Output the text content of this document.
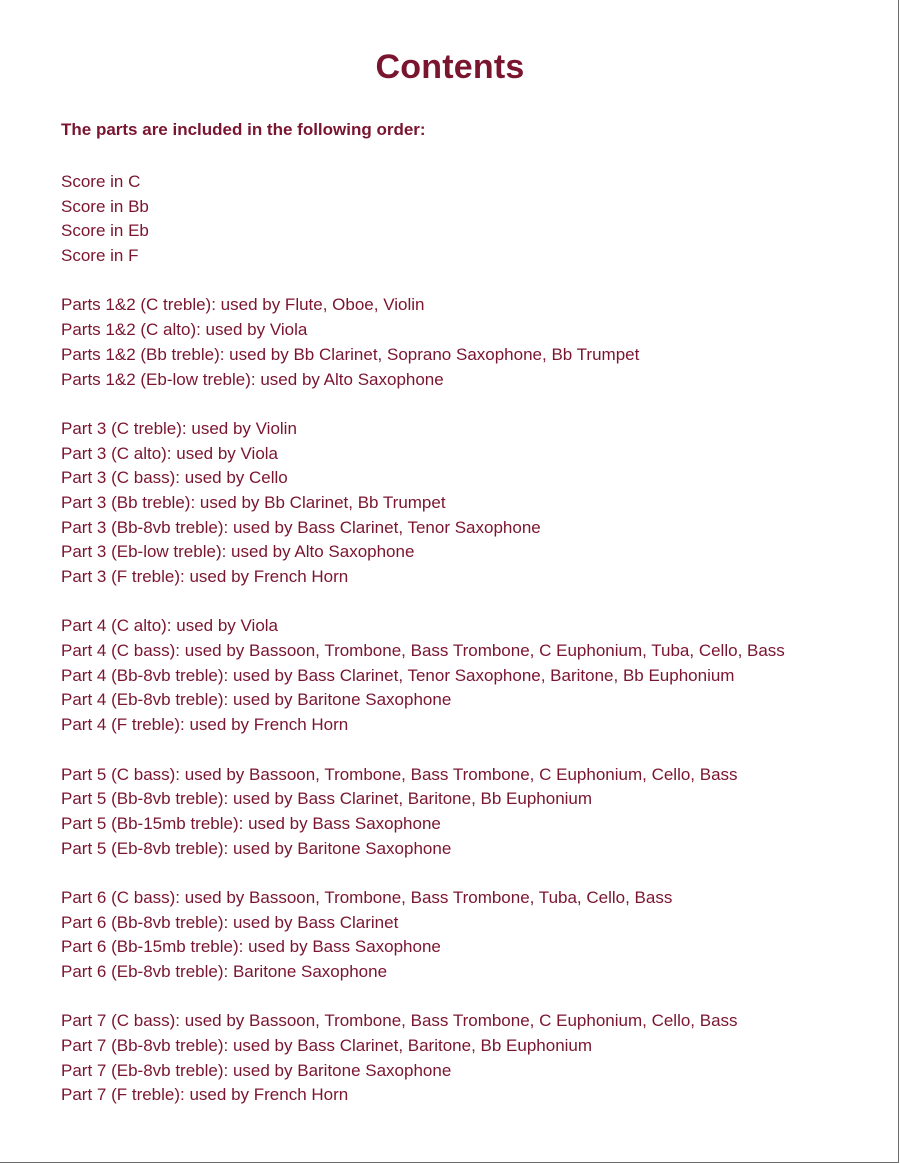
Contents

The parts are included in the following order:

Score in C
Score in Bb
Score in Eb
Score in F
Parts 1&2 (C treble): used by Flute, Oboe, Violin
Parts 1&2 (C alto): used by Viola
Parts 1&2 (Bb treble): used by Bb Clarinet, Soprano Saxophone, Bb Trumpet
Parts 1&2 (Eb-low treble): used by Alto Saxophone
Part 3 (C treble): used by Violin
Part 3 (C alto): used by Viola
Part 3 (C bass): used by Cello
Part 3 (Bb treble): used by Bb Clarinet, Bb Trumpet
Part 3 (Bb-8vb treble): used by Bass Clarinet, Tenor Saxophone
Part 3 (Eb-low treble): used by Alto Saxophone
Part 3 (F treble): used by French Horn
Part 4 (C alto): used by Viola
Part 4 (C bass): used by Bassoon, Trombone, Bass Trombone, C Euphonium, Tuba, Cello, Bass
Part 4 (Bb-8vb treble): used by Bass Clarinet, Tenor Saxophone, Baritone, Bb Euphonium
Part 4 (Eb-8vb treble): used by Baritone Saxophone
Part 4 (F treble): used by French Horn
Part 5 (C bass): used by Bassoon, Trombone, Bass Trombone, C Euphonium, Cello, Bass
Part 5 (Bb-8vb treble): used by Bass Clarinet, Baritone, Bb Euphonium
Part 5 (Bb-15mb treble): used by Bass Saxophone
Part 5 (Eb-8vb treble): used by Baritone Saxophone
Part 6 (C bass): used by Bassoon, Trombone, Bass Trombone, Tuba, Cello, Bass
Part 6 (Bb-8vb treble): used by Bass Clarinet
Part 6 (Bb-15mb treble): used by Bass Saxophone
Part 6 (Eb-8vb treble): Baritone Saxophone
Part 7 (C bass): used by Bassoon, Trombone, Bass Trombone, C Euphonium, Cello, Bass
Part 7 (Bb-8vb treble): used by Bass Clarinet, Baritone, Bb Euphonium
Part 7 (Eb-8vb treble): used by Baritone Saxophone
Part 7 (F treble): used by French Horn
